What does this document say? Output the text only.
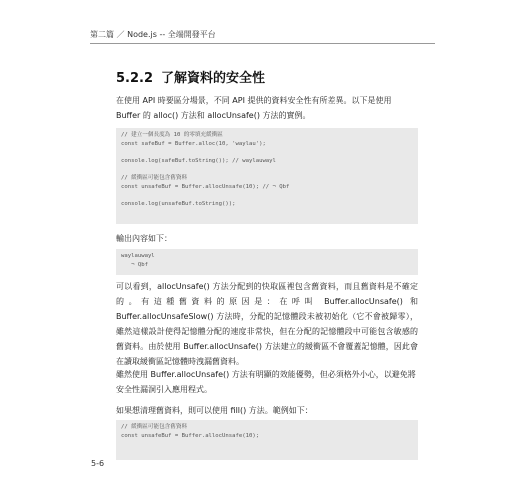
第二篇 ／ Node.js -- 全端開發平台
5.2.2 了解資料的安全性
在使用 API 時要區分場景，不同 API 提供的資料安全性有所差異。以下是使用 Buffer 的 alloc() 方法和 allocUnsafe() 方法的實例。
// 建立一個長度為 10 的零填充緩衝區
const safeBuf = Buffer.alloc(10, 'waylau');
console.log(safeBuf.toString()); // waylauwayl
// 緩衝區可能包含舊資料
const unsafeBuf = Buffer.allocUnsafe(10); // ¬ Qbf
console.log(unsafeBuf.toString());
輸出內容如下：
waylauwayl
¬ Qbf
可以看到，allocUnsafe() 方法分配到的快取區裡包含舊資料，而且舊資料是不確定的。有這種舊資料的原因是：在呼叫 Buffer.allocUnsafe() 和 Buffer.allocUnsafeSlow() 方法時，分配的記憶體段未被初始化（它不會被歸零），雖然這樣設計使得記憶體分配的速度非常快，但在分配的記憶體段中可能包含敏感的舊資料。由於使用 Buffer.allocUnsafe() 方法建立的緩衝區不會覆蓋記憶體，因此會在讀取緩衝區記憶體時洩漏舊資料。
雖然使用 Buffer.allocUnsafe() 方法有明顯的效能優勢，但必須格外小心，以避免將安全性漏洞引入應用程式。
如果想清理舊資料，則可以使用 fill() 方法。範例如下：
// 緩衝區可能包含舊資料
const unsafeBuf = Buffer.allocUnsafe(10);
5-6
